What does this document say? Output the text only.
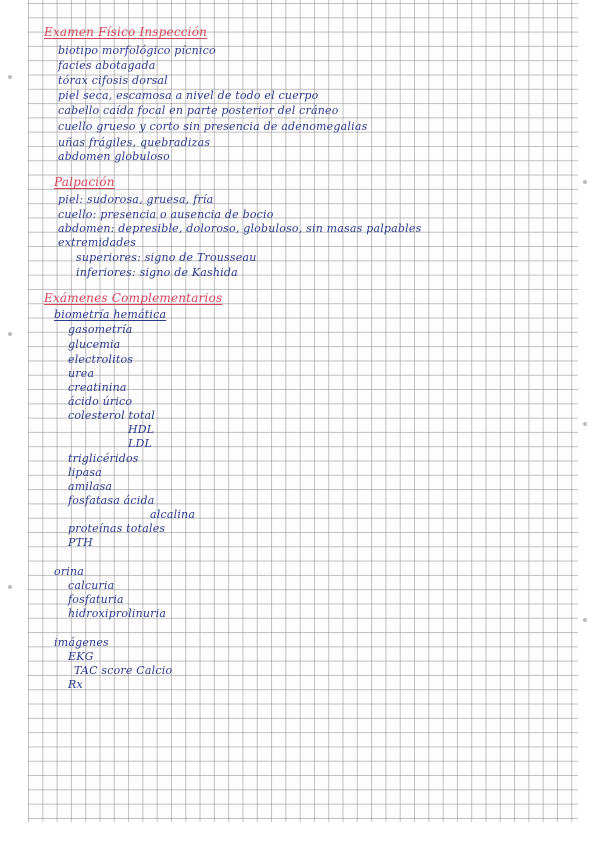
Examen Físico Inspección
biotipo morfológico pícnico
facies abotagada
tórax cifosis dorsal
piel seca, escamosa a nivel de todo el cuerpo
cabello caída focal en parte posterior del cráneo
cuello grueso y corto sin presencia de adenomegalias
uñas frágiles, quebradizas
abdomen globuloso
Palpación
piel: sudorosa, gruesa, fría
cuello: presencia o ausencia de bocio
abdomen: depresible, doloroso, globuloso, sin masas palpables
extremidades
superiores: signo de Trousseau
inferiores: signo de Kashida
Exámenes Complementarios
biometría hemática
gasometría
glucemia
electrolitos
urea
creatinina
ácido úrico
colesterol total
HDL
LDL
triglicéridos
lipasa
amilasa
fosfatasa ácida
alcalina
proteínas totales
PTH
orina
calcuria
fosfaturia
hidroxiprolinuria
imágenes
EKG
TAC score Calcio
Rx
